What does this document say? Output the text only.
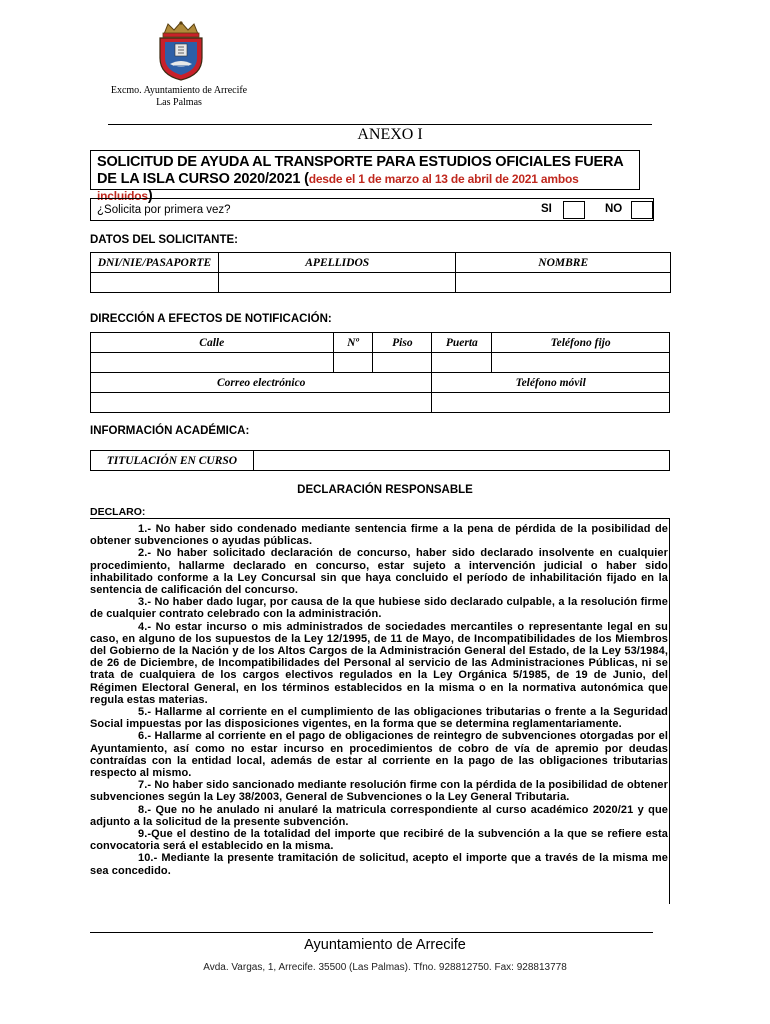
Excmo. Ayuntamiento de Arrecife
Las Palmas
ANEXO I
SOLICITUD DE AYUDA AL TRANSPORTE PARA ESTUDIOS OFICIALES FUERA DE LA ISLA CURSO 2020/2021 (desde el 1 de marzo al 13 de abril de 2021 ambos incluidos)
¿Solicita por primera vez?	SI	NO
DATOS DEL SOLICITANTE:
DNI/NIE/PASAPORTE	APELLIDOS	NOMBRE

DIRECCIÓN A EFECTOS DE NOTIFICACIÓN:
Calle	Nº	Piso	Puerta	Teléfono fijo

Correo electrónico	Teléfono móvil

INFORMACIÓN ACADÉMICA:
TITULACIÓN EN CURSO	
DECLARACIÓN RESPONSABLE
DECLARO:

1.- No haber sido condenado mediante sentencia firme a la pena de pérdida de la posibilidad de obtener subvenciones o ayudas públicas.

2.- No haber solicitado declaración de concurso, haber sido declarado insolvente en cualquier procedimiento, hallarme declarado en concurso, estar sujeto a intervención judicial o haber sido inhabilitado conforme a la Ley Concursal sin que haya concluido el período de inhabilitación fijado en la sentencia de calificación del concurso.

3.- No haber dado lugar, por causa de la que hubiese sido declarado culpable, a la resolución firme de cualquier contrato celebrado con la administración.

4.- No estar incurso o mis administrados de sociedades mercantiles o representante legal en su caso, en alguno de los supuestos de la Ley 12/1995, de 11 de Mayo, de Incompatibilidades de los Miembros del Gobierno de la Nación y de los Altos Cargos de la Administración General del Estado, de la Ley 53/1984, de 26 de Diciembre, de Incompatibilidades del Personal al servicio de las Administraciones Públicas, ni se trata de cualquiera de los cargos electivos regulados en la Ley Orgánica 5/1985, de 19 de Junio, del Régimen Electoral General, en los términos establecidos en la misma o en la normativa autonómica que regula estas materias.

5.- Hallarme al corriente en el cumplimiento de las obligaciones tributarias o frente a la Seguridad Social impuestas por las disposiciones vigentes, en la forma que se determina reglamentariamente.

6.- Hallarme al corriente en el pago de obligaciones de reintegro de subvenciones otorgadas por el Ayuntamiento, así como no estar incurso en procedimientos de cobro de vía de apremio por deudas contraídas con la entidad local, además de estar al corriente en la pago de las obligaciones tributarias respecto al mismo.

7.- No haber sido sancionado mediante resolución firme con la pérdida de la posibilidad de obtener subvenciones según la Ley 38/2003, General de Subvenciones o la Ley General Tributaria.

8.- Que no he anulado ni anularé la matricula correspondiente al curso académico 2020/21 y que adjunto a la solicitud de la presente subvención.

9.-Que el destino de la totalidad del importe que recibiré de la subvención a la que se refiere esta convocatoria será el establecido en la misma.

10.- Mediante la presente tramitación de solicitud, acepto el importe que a través de la misma me sea concedido.

Ayuntamiento de Arrecife
Avda. Vargas, 1, Arrecife. 35500 (Las Palmas). Tfno. 928812750. Fax: 928813778
